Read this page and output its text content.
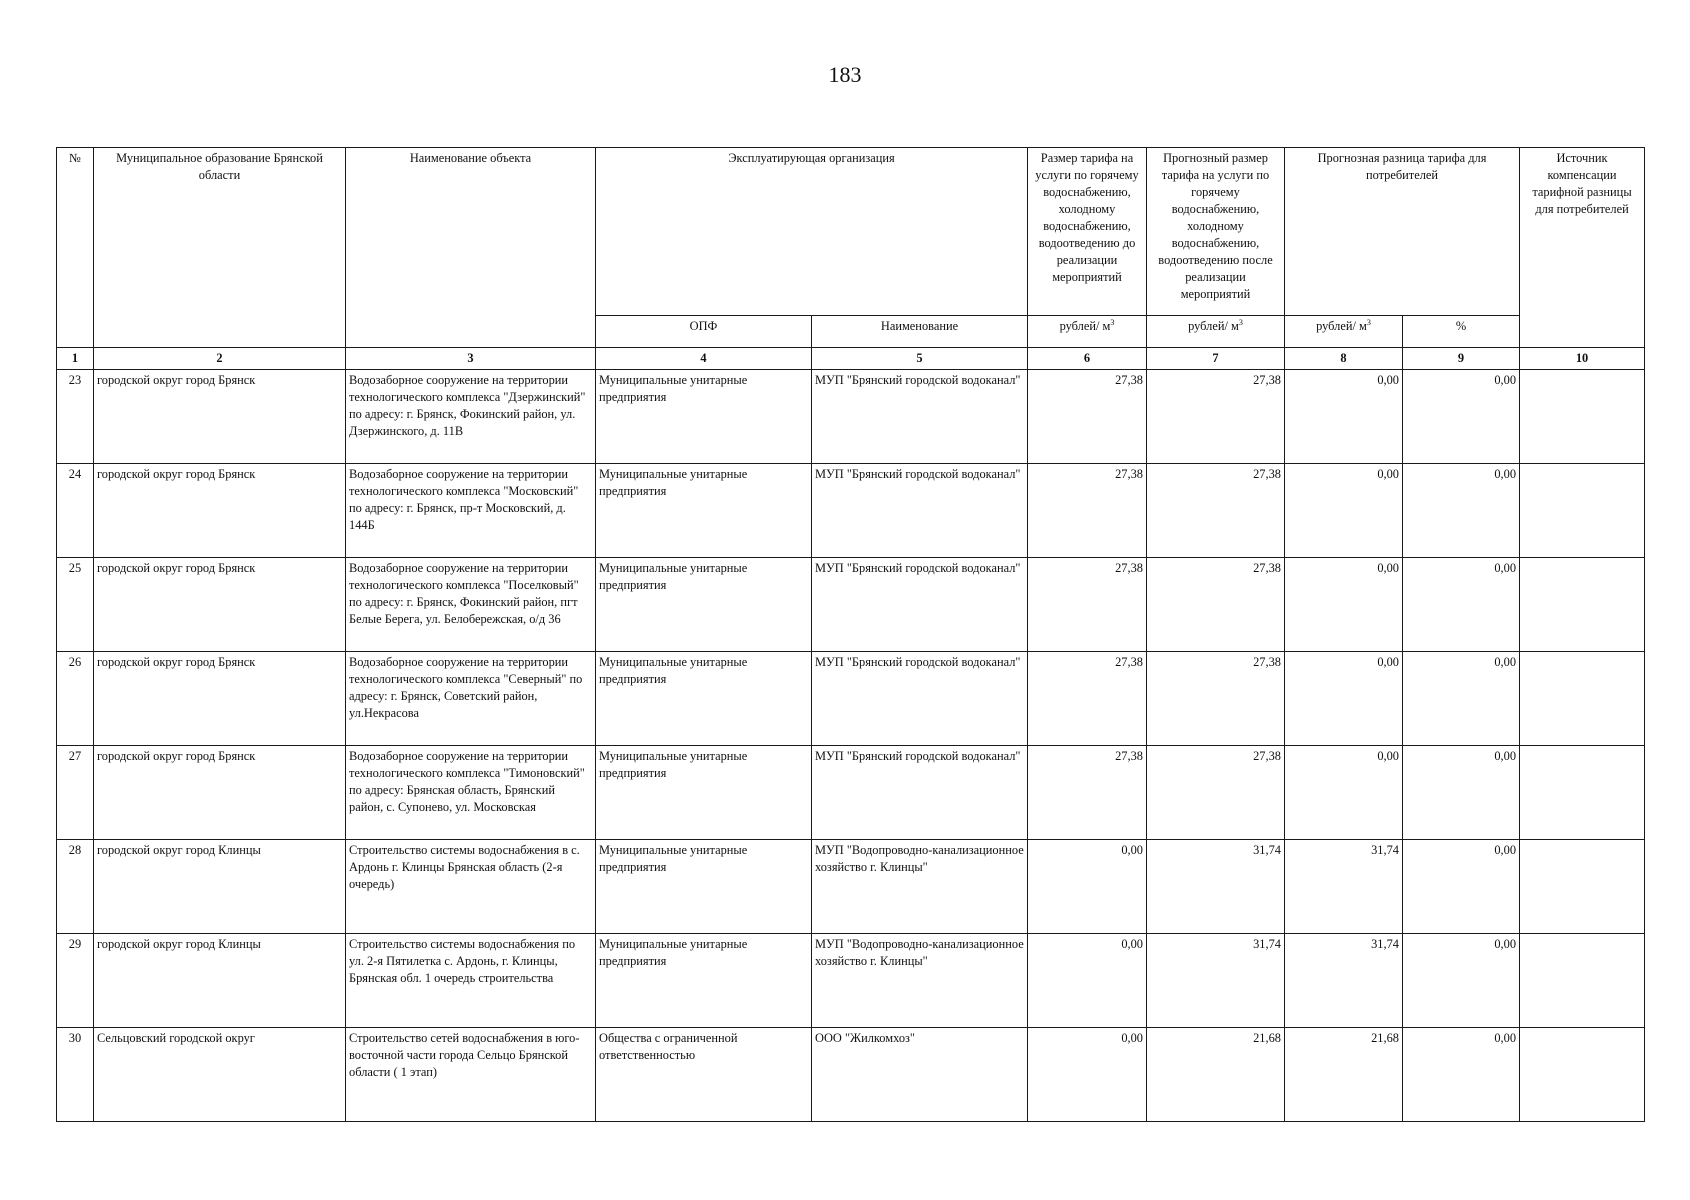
183
№	Муниципальное образование Брянской области	Наименование объекта	Эксплуатирующая организация		Размер тарифа на услуги по горячему водоснабжению, холодному водоснабжению, водоотведению до реализации мероприятий	Прогнозный размер тарифа на услуги по горячему водоснабжению, холодному водоснабжению, водоотведению после реализации мероприятий	Прогнозная разница тарифа для потребителей		Источник компенсации тарифной разницы для потребителей
			ОПФ	Наименование	рублей/ $м^3$	рублей/ $м^3$	рублей/ $м^3$	%	
1	2	3	4	5	6	7	8	9	10
23	городской округ город Брянск	Водозаборное сооружение на территории технологического комплекса "Дзержинский" по адресу: г. Брянск, Фокинский район, ул. Дзержинского, д. 11В	Муниципальные унитарные предприятия	МУП "Брянский городской водоканал"	27,38	27,38	0,00	0,00	
24	городской округ город Брянск	Водозаборное сооружение на территории технологического комплекса "Московский" по адресу: г. Брянск, пр-т Московский, д. 144Б	Муниципальные унитарные предприятия	МУП "Брянский городской водоканал"	27,38	27,38	0,00	0,00	
25	городской округ город Брянск	Водозаборное сооружение на территории технологического комплекса "Поселковый" по адресу: г. Брянск, Фокинский район, пгт Белые Берега, ул. Белобережская, о/д 36	Муниципальные унитарные предприятия	МУП "Брянский городской водоканал"	27,38	27,38	0,00	0,00	
26	городской округ город Брянск	Водозаборное сооружение на территории технологического комплекса "Северный" по адресу: г. Брянск, Советский район, ул.Некрасова	Муниципальные унитарные предприятия	МУП "Брянский городской водоканал"	27,38	27,38	0,00	0,00	
27	городской округ город Брянск	Водозаборное сооружение на территории технологического комплекса "Тимоновский" по адресу: Брянская область, Брянский район, с. Супонево, ул. Московская	Муниципальные унитарные предприятия	МУП "Брянский городской водоканал"	27,38	27,38	0,00	0,00	
28	городской округ город Клинцы	Строительство системы водоснабжения в с. Ардонь г. Клинцы Брянская область (2-я очередь)	Муниципальные унитарные предприятия	МУП "Водопроводно-канализационное хозяйство г. Клинцы"	0,00	31,74	31,74	0,00	
29	городской округ город Клинцы	Строительство системы водоснабжения по ул. 2-я Пятилетка с. Ардонь, г. Клинцы, Брянская обл. 1 очередь строительства	Муниципальные унитарные предприятия	МУП "Водопроводно-канализационное хозяйство г. Клинцы"	0,00	31,74	31,74	0,00	
30	Сельцовский городской округ	Строительство сетей водоснабжения в юго-восточной части города Сельцо Брянской области ( 1 этап)	Общества с ограниченной ответственностью	ООО "Жилкомхоз"	0,00	21,68	21,68	0,00	
